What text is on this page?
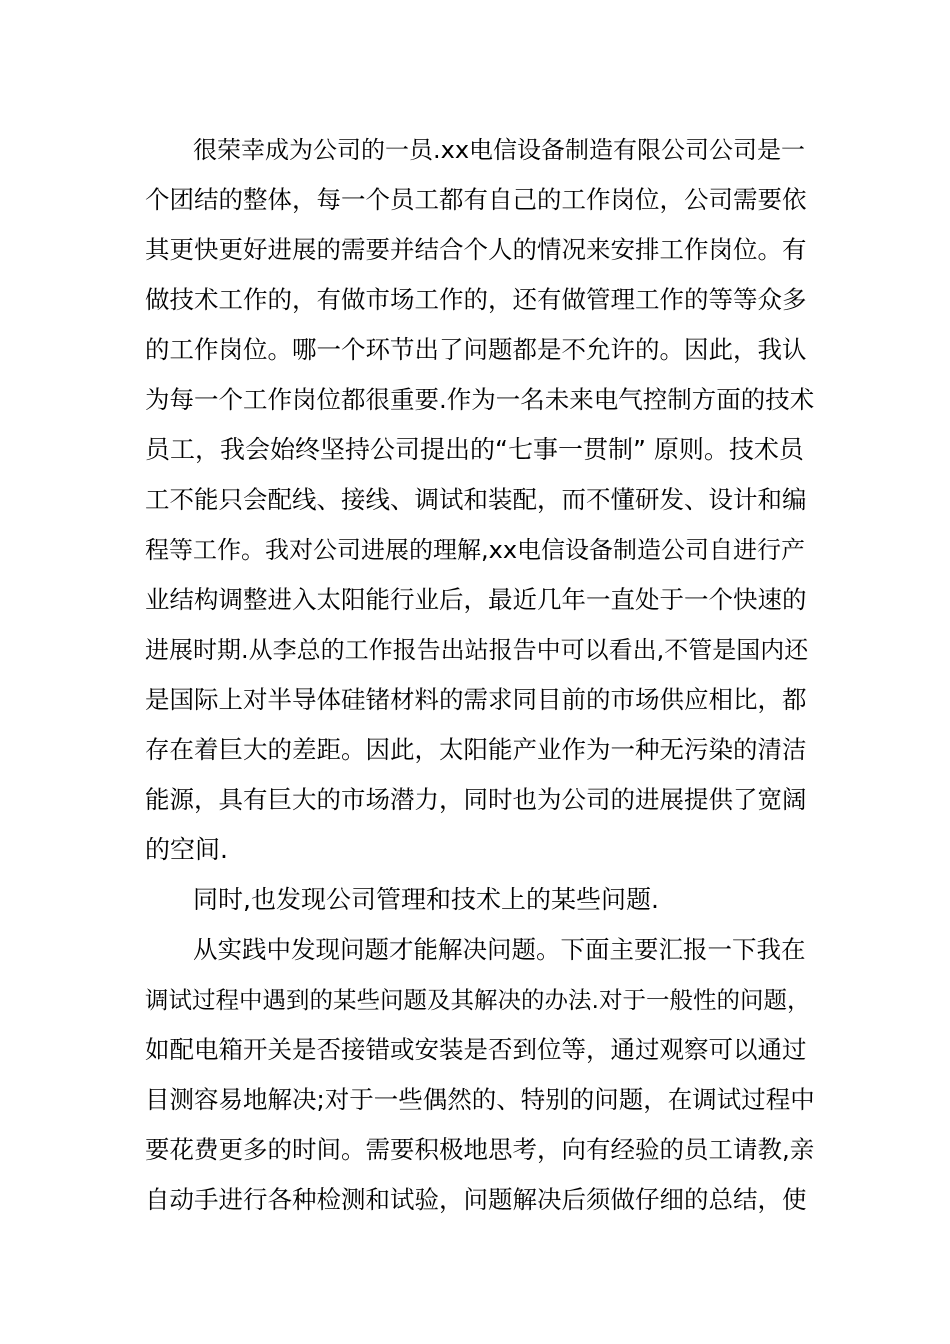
很荣幸成为公司的一员.xx电信设备制造有限公司公司是一
个团结的整体，每一个员工都有自己的工作岗位，公司需要依
其更快更好进展的需要并结合个人的情况来安排工作岗位。有
做技术工作的，有做市场工作的，还有做管理工作的等等众多
的工作岗位。哪一个环节出了问题都是不允许的。因此，我认
为每一个工作岗位都很重要.作为一名未来电气控制方面的技术
员工，我会始终坚持公司提出的“七事一贯制” 原则。技术员
工不能只会配线、接线、调试和装配，而不懂研发、设计和编
程等工作。我对公司进展的理解,xx电信设备制造公司自进行产
业结构调整进入太阳能行业后，最近几年一直处于一个快速的
进展时期.从李总的工作报告出站报告中可以看出,不管是国内还
是国际上对半导体硅锗材料的需求同目前的市场供应相比，都
存在着巨大的差距。因此，太阳能产业作为一种无污染的清洁
能源，具有巨大的市场潜力，同时也为公司的进展提供了宽阔
的空间.
同时,也发现公司管理和技术上的某些问题.
从实践中发现问题才能解决问题。下面主要汇报一下我在
调试过程中遇到的某些问题及其解决的办法.对于一般性的问题，
如配电箱开关是否接错或安装是否到位等，通过观察可以通过
目测容易地解决;对于一些偶然的、特别的问题，在调试过程中
要花费更多的时间。需要积极地思考，向有经验的员工请教,亲
自动手进行各种检测和试验，问题解决后须做仔细的总结，使
